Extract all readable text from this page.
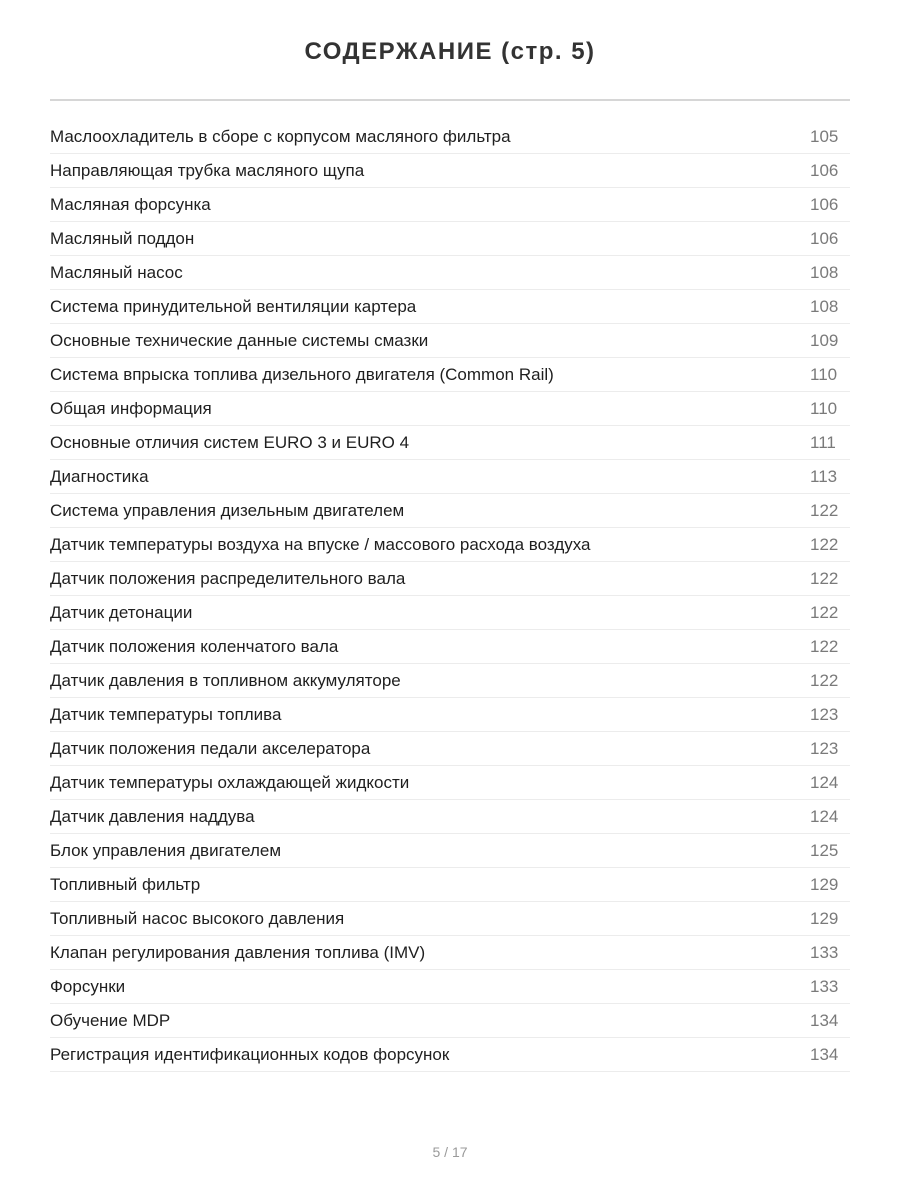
СОДЕРЖАНИЕ (стр. 5)
Маслоохладитель в сборе с корпусом масляного фильтра	105
Направляющая трубка масляного щупа	106
Масляная форсунка	106
Масляный поддон	106
Масляный насос	108
Система принудительной вентиляции картера	108
Основные технические данные системы смазки	109
Система впрыска топлива дизельного двигателя (Common Rail)	110
Общая информация	110
Основные отличия систем EURO 3 и EURO 4	111
Диагностика	113
Система управления дизельным двигателем	122
Датчик температуры воздуха на впуске / массового расхода воздуха	122
Датчик положения распределительного вала	122
Датчик детонации	122
Датчик положения коленчатого вала	122
Датчик давления в топливном аккумуляторе	122
Датчик температуры топлива	123
Датчик положения педали акселератора	123
Датчик температуры охлаждающей жидкости	124
Датчик давления наддува	124
Блок управления двигателем	125
Топливный фильтр	129
Топливный насос высокого давления	129
Клапан регулирования давления топлива (IMV)	133
Форсунки	133
Обучение MDP	134
Регистрация идентификационных кодов форсунок	134
5 / 17
